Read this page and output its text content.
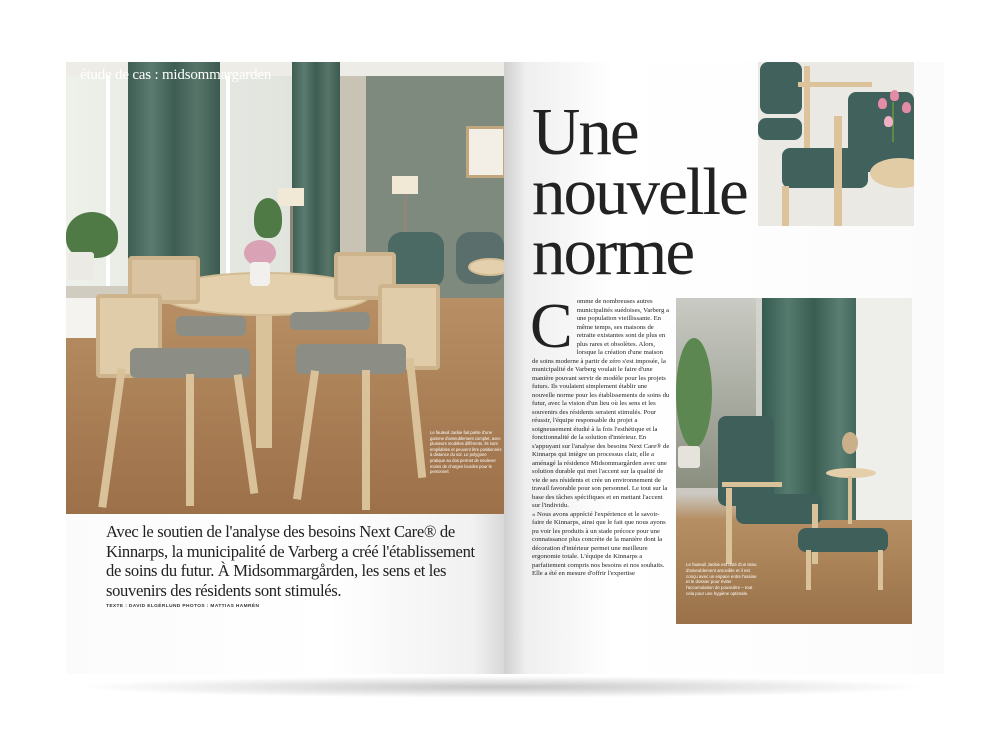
étude de cas : midsommargarden
Le fauteuil Jackie fait partie d'une gamme d'ameublement complet, avec plusieurs modèles différents. Ils sont empilables et peuvent être positionnés à distance du sol. Le polygone pratique au dos permet de soulever moins de charges lourdes pour le personnel.
Avec le soutien de l'analyse des besoins Next Care® de Kinnarps, la municipalité de Varberg a créé l'établissement de soins du futur. À Midsommargården, les sens et les souvenirs des résidents sont stimulés.
TEXTE : DAVID ELGÉRLUND PHOTOS : MATTIAS HAMRÉN
Une
nouvelle
norme
C omme de nombreuses autres municipalités suédoises, Varberg a une population vieillissante. En même temps, ses maisons de retraite existantes sont de plus en plus rares et obsolètes. Alors, lorsque la création d'une maison de soins moderne à partir de zéro s'est imposée, la municipalité de Varberg voulait le faire d'une manière pouvant servir de modèle pour les projets futurs. Ils voulaient simplement établir une nouvelle norme pour les établissements de soins du futur, avec la vision d'un lieu où les sens et les souvenirs des résidents seraient stimulés. Pour réussir, l'équipe responsable du projet a soigneusement étudié à la fois l'esthétique et la fonctionnalité de la solution d'intérieur. En s'appuyant sur l'analyse des besoins Next Care® de Kinnarps qui intègre un processus clair, elle a aménagé la résidence Midsommargården avec une solution durable qui met l'accent sur la qualité de vie de ses résidents et crée un environnement de travail favorable pour son personnel. Le tout sur la base des tâches spécifiques et en mettant l'accent sur l'individu.

« Nous avons apprécié l'expérience et le savoir-faire de Kinnarps, ainsi que le fait que nous ayons pu voir les produits à un stade précoce pour une connaissance plus concrète de la manière dont la décoration d'intérieur permet une meilleure ergonomie totale. L'équipe de Kinnarps a parfaitement compris nos besoins et nos souhaits. Elle a été en mesure d'offrir l'expertise

Le fauteuil Jackie est doté d'un tissu d'ameublement amovible et il est conçu avec un espace entre l'assise et le dossier pour éviter l'accumulation de poussière – tout cela pour une hygiène optimale.
